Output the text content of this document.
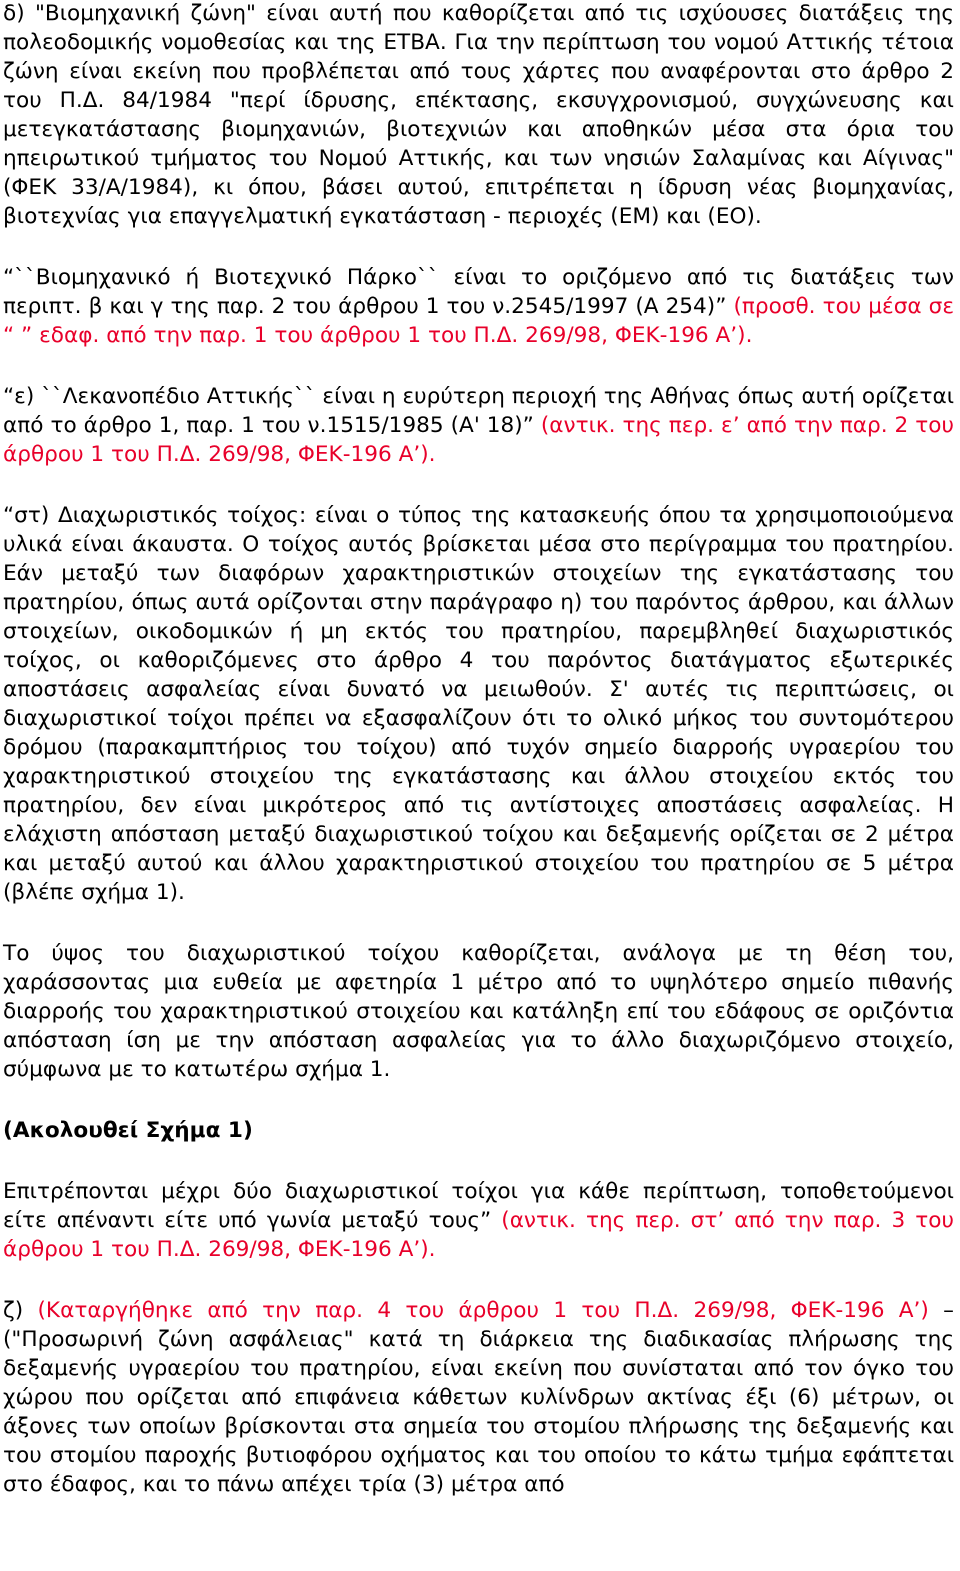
δ) "Βιομηχανική ζώνη" είναι αυτή που καθορίζεται από τις ισχύουσες διατάξεις της πολεοδομικής νομοθεσίας και της ΕΤΒΑ. Για την περίπτωση του νομού Αττικής τέτοια ζώνη είναι εκείνη που προβλέπεται από τους χάρτες που αναφέρονται στο άρθρο 2 του Π.Δ. 84/1984 "περί ίδρυσης, επέκτασης, εκσυγχρονισμού, συγχώνευσης και μετεγκατάστασης βιομηχανιών, βιοτεχνιών και αποθηκών μέσα στα όρια του ηπειρωτικού τμήματος του Νομού Αττικής, και των νησιών Σαλαμίνας και Αίγινας" (ΦΕΚ 33/Α/1984), κι όπου, βάσει αυτού, επιτρέπεται η ίδρυση νέας βιομηχανίας, βιοτεχνίας για επαγγελματική εγκατάσταση - περιοχές (ΕΜ) και (ΕΟ).

“``Βιομηχανικό ή Βιοτεχνικό Πάρκο`` είναι το οριζόμενο από τις διατάξεις των περιπτ. β και γ της παρ. 2 του άρθρου 1 του ν.2545/1997 (Α 254)” (προσθ. του μέσα σε “ ” εδαφ. από την παρ. 1 του άρθρου 1 του Π.Δ. 269/98, ΦΕΚ-196 Α’).

“ε) ``Λεκανοπέδιο Αττικής`` είναι η ευρύτερη περιοχή της Αθήνας όπως αυτή ορίζεται από το άρθρο 1, παρ. 1 του ν.1515/1985 (Α' 18)” (αντικ. της περ. ε’ από την παρ. 2 του άρθρου 1 του Π.Δ. 269/98, ΦΕΚ-196 Α’).

“στ) Διαχωριστικός τοίχος: είναι ο τύπος της κατασκευής όπου τα χρησιμοποιούμενα υλικά είναι άκαυστα. Ο τοίχος αυτός βρίσκεται μέσα στο περίγραμμα του πρατηρίου. Εάν μεταξύ των διαφόρων χαρακτηριστικών στοιχείων της εγκατάστασης του πρατηρίου, όπως αυτά ορίζονται στην παράγραφο η) του παρόντος άρθρου, και άλλων στοιχείων, οικοδομικών ή μη εκτός του πρατηρίου, παρεμβληθεί διαχωριστικός τοίχος, οι καθοριζόμενες στο άρθρο 4 του παρόντος διατάγματος εξωτερικές αποστάσεις ασφαλείας είναι δυνατό να μειωθούν. Σ' αυτές τις περιπτώσεις, οι διαχωριστικοί τοίχοι πρέπει να εξασφαλίζουν ότι το ολικό μήκος του συντομότερου δρόμου (παρακαμπτήριος του τοίχου) από τυχόν σημείο διαρροής υγραερίου του χαρακτηριστικού στοιχείου της εγκατάστασης και άλλου στοιχείου εκτός του πρατηρίου, δεν είναι μικρότερος από τις αντίστοιχες αποστάσεις ασφαλείας. Η ελάχιστη απόσταση μεταξύ διαχωριστικού τοίχου και δεξαμενής ορίζεται σε 2 μέτρα και μεταξύ αυτού και άλλου χαρακτηριστικού στοιχείου του πρατηρίου σε 5 μέτρα (βλέπε σχήμα 1).

Το ύψος του διαχωριστικού τοίχου καθορίζεται, ανάλογα με τη θέση του, χαράσσοντας μια ευθεία με αφετηρία 1 μέτρο από το υψηλότερο σημείο πιθανής διαρροής του χαρακτηριστικού στοιχείου και κατάληξη επί του εδάφους σε οριζόντια απόσταση ίση με την απόσταση ασφαλείας για το άλλο διαχωριζόμενο στοιχείο, σύμφωνα με το κατωτέρω σχήμα 1.

(Ακολουθεί Σχήμα 1)

Επιτρέπονται μέχρι δύο διαχωριστικοί τοίχοι για κάθε περίπτωση, τοποθετούμενοι είτε απέναντι είτε υπό γωνία μεταξύ τους” (αντικ. της περ. στ’ από την παρ. 3 του άρθρου 1 του Π.Δ. 269/98, ΦΕΚ-196 Α’).

ζ) (Καταργήθηκε από την παρ. 4 του άρθρου 1 του Π.Δ. 269/98, ΦΕΚ-196 Α’) – ("Προσωρινή ζώνη ασφάλειας" κατά τη διάρκεια της διαδικασίας πλήρωσης της δεξαμενής υγραερίου του πρατηρίου, είναι εκείνη που συνίσταται από τον όγκο του χώρου που ορίζεται από επιφάνεια κάθετων κυλίνδρων ακτίνας έξι (6) μέτρων, οι άξονες των οποίων βρίσκονται στα σημεία του στομίου πλήρωσης της δεξαμενής και του στομίου παροχής βυτιοφόρου οχήματος και του οποίου το κάτω τμήμα εφάπτεται στο έδαφος, και το πάνω απέχει τρία (3) μέτρα από
